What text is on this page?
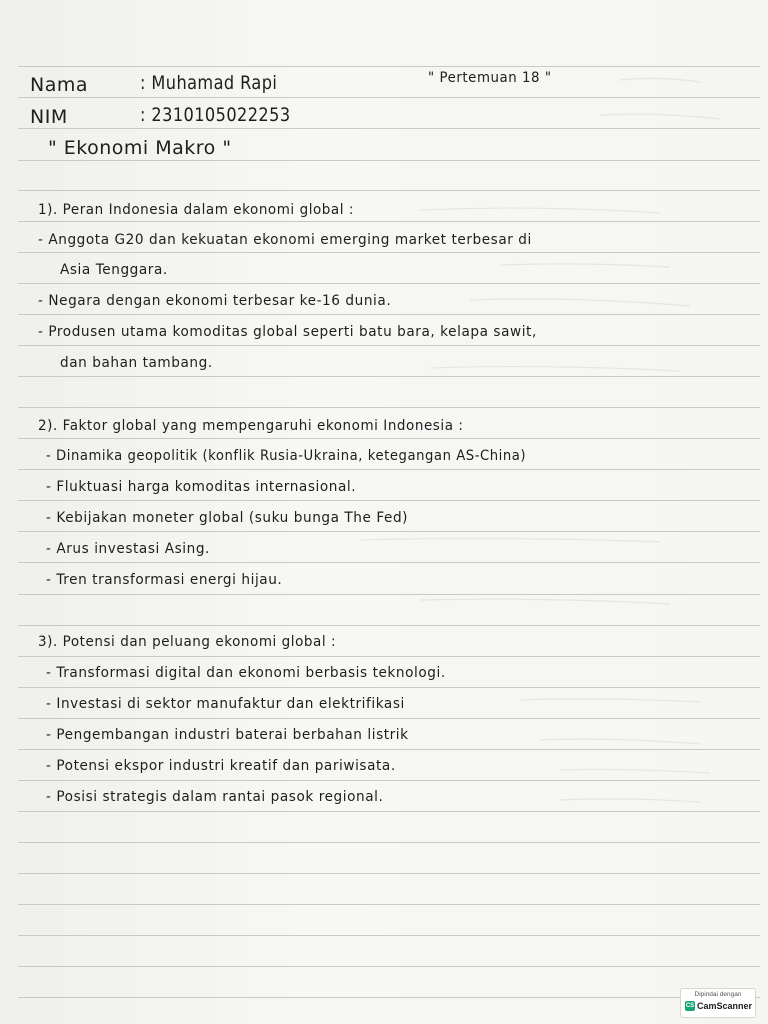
Nama	: Muhamad Rapi	" Pertemuan 18 "
NIM	: 2310105022253
" Ekonomi Makro "
1). Peran Indonesia dalam ekonomi global :
- Anggota G20 dan kekuatan ekonomi emerging market terbesar di
Asia Tenggara.
- Negara dengan ekonomi terbesar ke-16 dunia.
- Produsen utama komoditas global seperti batu bara, kelapa sawit,
dan bahan tambang.
2). Faktor global yang mempengaruhi ekonomi Indonesia :
- Dinamika geopolitik (konflik Rusia-Ukraina, ketegangan AS-China)
- Fluktuasi harga komoditas internasional.
- Kebijakan moneter global (suku bunga The Fed)
- Arus investasi Asing.
- Tren transformasi energi hijau.
3). Potensi dan peluang ekonomi global :
- Transformasi digital dan ekonomi berbasis teknologi.
- Investasi di sektor manufaktur dan elektrifikasi
- Pengembangan industri baterai berbahan listrik
- Potensi ekspor industri kreatif dan pariwisata.
- Posisi strategis dalam rantai pasok regional.
Dipindai dengan
CS CamScanner
